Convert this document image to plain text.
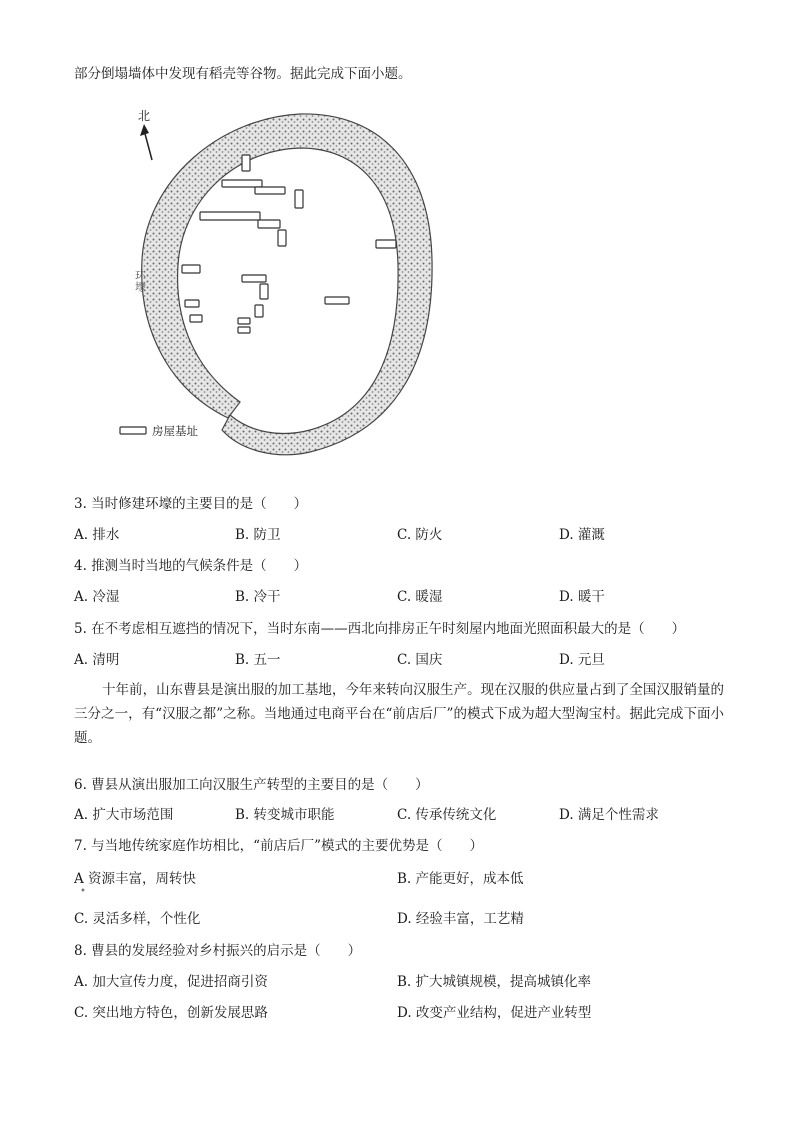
部分倒塌墙体中发现有稻壳等谷物。据此完成下面小题。
北
环壕
房屋基址
3. 当时修建环壕的主要目的是（　　）
A. 排水	B. 防卫	C. 防火	D. 灌溉
4. 推测当时当地的气候条件是（　　）
A. 冷湿	B. 冷干	C. 暖湿	D. 暖干
5. 在不考虑相互遮挡的情况下，当时东南——西北向排房正午时刻屋内地面光照面积最大的是（　　）
A. 清明	B. 五一	C. 国庆	D. 元旦

十年前，山东曹县是演出服的加工基地，今年来转向汉服生产。现在汉服的供应量占到了全国汉服销量的三分之一，有“汉服之都”之称。当地通过电商平台在“前店后厂”的模式下成为超大型淘宝村。据此完成下面小题。

6. 曹县从演出服加工向汉服生产转型的主要目的是（　　）
A. 扩大市场范围	B. 转变城市职能	C. 传承传统文化	D. 满足个性需求
7. 与当地传统家庭作坊相比，“前店后厂”模式的主要优势是（　　）
A 资源丰富，周转快
•
B. 产能更好，成本低
C. 灵活多样，个性化	D. 经验丰富，工艺精
8. 曹县的发展经验对乡村振兴的启示是（　　）
A. 加大宣传力度，促进招商引资	B. 扩大城镇规模，提高城镇化率
C. 突出地方特色，创新发展思路	D. 改变产业结构，促进产业转型
